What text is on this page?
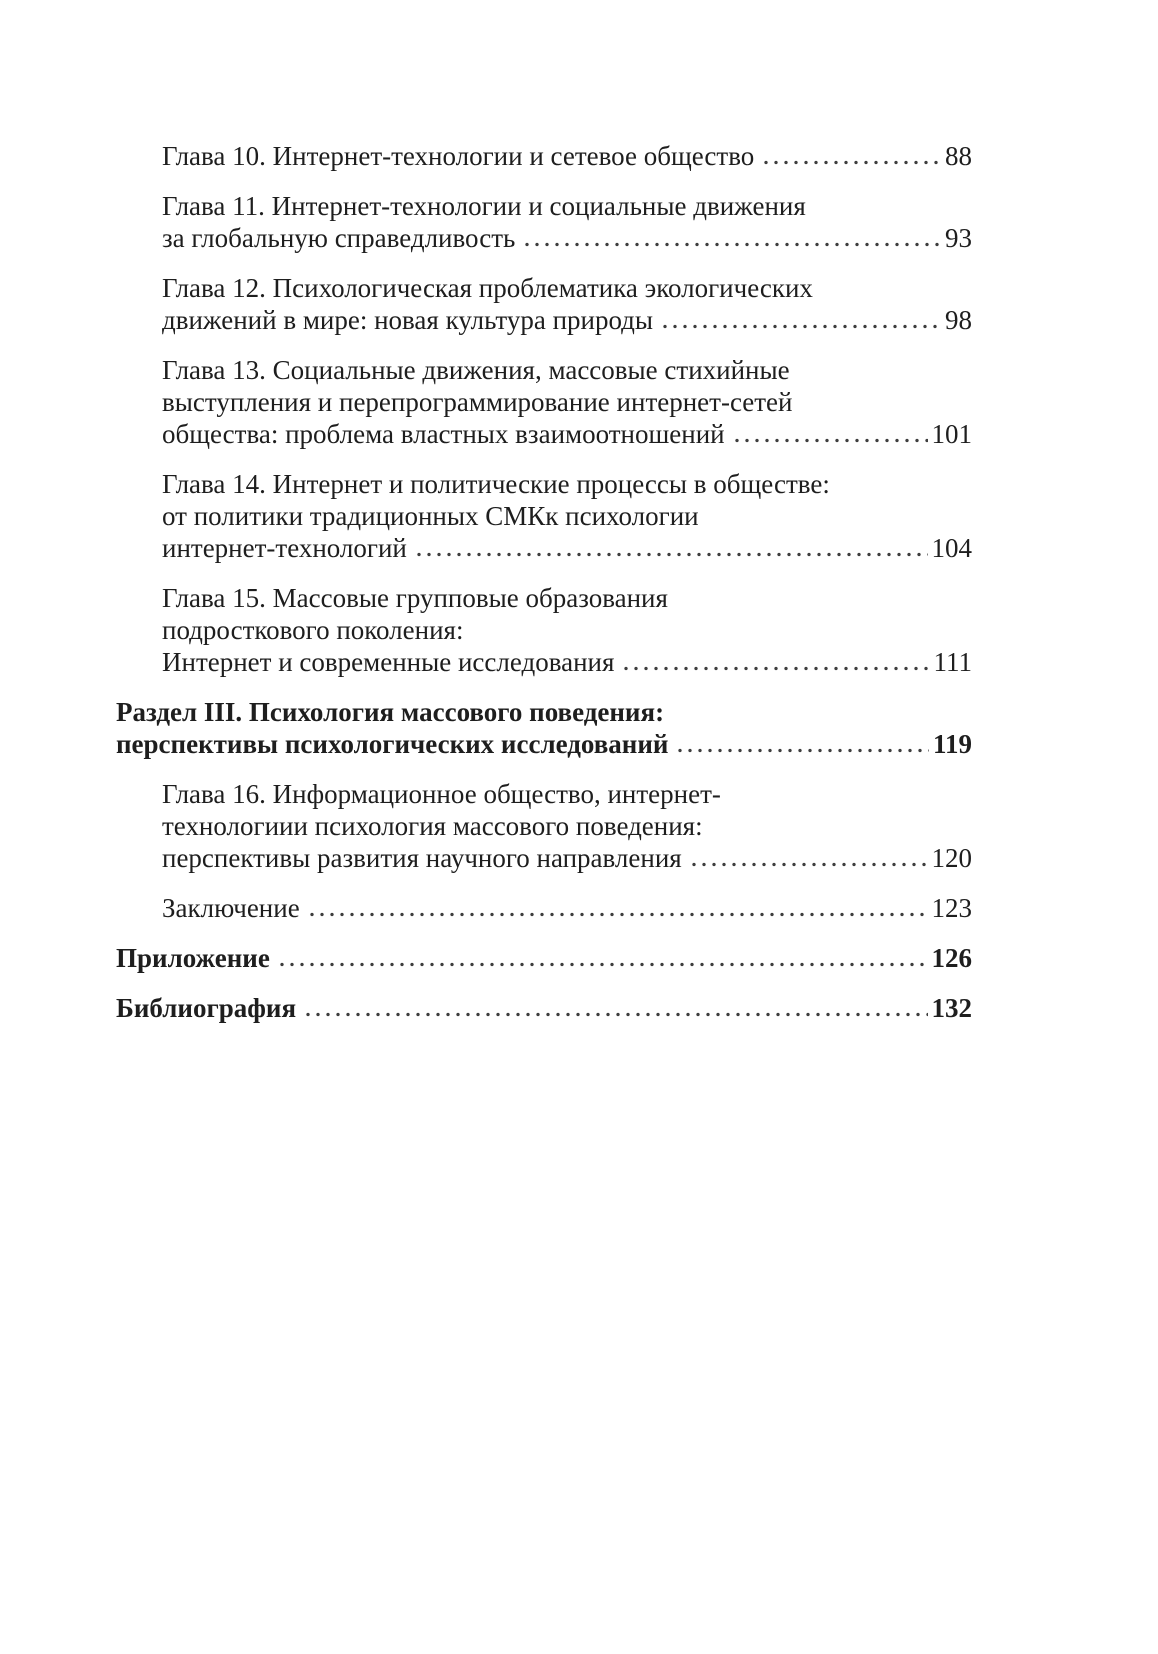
Глава 10. Интернет-технологии и сетевое общество	88
Глава 11. Интернет-технологии и социальные движения
за глобальную справедливость	93
Глава 12. Психологическая проблематика экологических
движений в мире: новая культура природы	98
Глава 13. Социальные движения, массовые стихийные
выступления и перепрограммирование интернет-сетей
общества: проблема властных взаимоотношений	101
Глава 14. Интернет и политические процессы в обществе:
от политики традиционных СМКк психологии
интернет-технологий	104
Глава 15. Массовые групповые образования
подросткового поколения:
Интернет и современные исследования	111
Раздел III. Психология массового поведения:
перспективы психологических исследований	119
Глава 16. Информационное общество, интернет-
технологиии психология массового поведения:
перспективы развития научного направления	120
Заключение	123
Приложение	126
Библиография	132
